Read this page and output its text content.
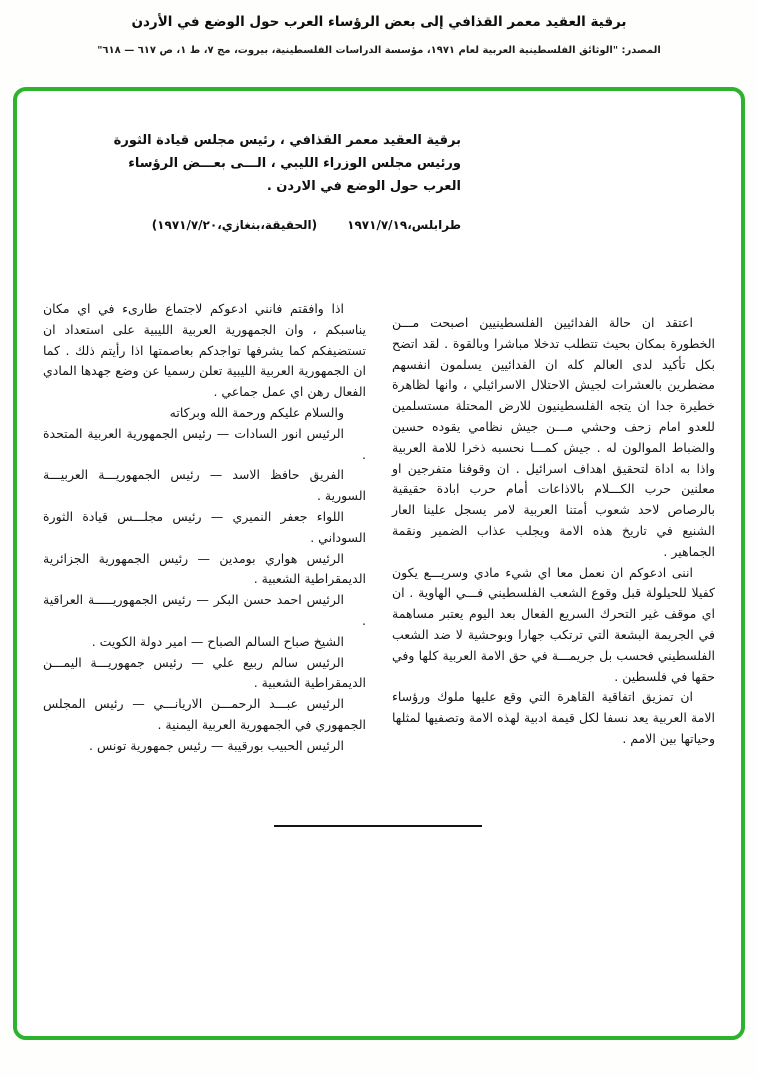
برقية العقيد معمر القذافي إلى بعض الرؤساء العرب حول الوضع في الأردن
المصدر: "الوثائق الفلسطينية العربية لعام ١٩٧١، مؤسسة الدراسات الفلسطينية، بيروت، مج ٧، ط ١، ص ٦١٧ — ٦١٨"
برقية العقيد معمر القذافي ، رئيس مجلس قيادة الثورة
ورئيس مجلس الوزراء الليبي ، الـــى بعـــض الرؤساء
العرب حول الوضع في الاردن .
طرابلس،١٩٧١/٧/١٩
(الحقيقة،بنغازي،١٩٧١/٧/٢٠)

اعتقد ان حالة الفدائيين الفلسطينيين اصبحت مـــن الخطورة بمكان بحيث تتطلب تدخلا مباشرا وبالقوة . لقد اتضح بكل تأكيد لدى العالم كله ان الفدائيين يسلمون انفسهم مضطرين بالعشرات لجيش الاحتلال الاسرائيلي ، وانها لظاهرة خطيرة جدا ان يتجه الفلسطينيون للارض المحتلة مستسلمين للعدو امام زحف وحشي مـــن جيش نظامي يقوده حسين والضباط الموالون له . جيش كمـــا نحسبه ذخرا للامة العربية واذا به اداة لتحقيق اهداف اسرائيل . ان وقوفنا متفرجين او معلنين حرب الكـــلام بالاذاعات أمام حرب ابادة حقيقية بالرصاص لاحد شعوب أمتنا العربية لامر يسجل علينا العار الشنيع في تاريخ هذه الامة ويجلب عذاب الضمير ونقمة الجماهير .

اننى ادعوكم ان نعمل معا اي شيء مادي وسريـــع يكون كفيلا للحيلولة قبل وقوع الشعب الفلسطيني فـــي الهاوية . ان اي موقف غير التحرك السريع الفعال بعد اليوم يعتبر مساهمة في الجريمة البشعة التي ترتكب جهارا وبوحشية لا ضد الشعب الفلسطيني فحسب بل جريمـــة في حق الامة العربية كلها وفي حقها في فلسطين .

ان تمزيق اتفاقية القاهرة التي وقع عليها ملوك ورؤساء الامة العربية يعد نسفا لكل قيمة ادبية لهذه الامة وتصفيها لمثلها وحياتها بين الامم .

اذا وافقتم فانني ادعوكم لاجتماع طارىء في اي مكان يناسبكم ، وان الجمهورية العربية الليبية على استعداد ان تستضيفكم كما يشرفها تواجدكم بعاصمتها اذا رأيتم ذلك . كما ان الجمهورية العربية الليبية تعلن رسميا عن وضع جهدها المادي الفعال رهن اي عمل جماعي .

والسلام عليكم ورحمة الله وبركاته

الرئيس انور السادات — رئيس الجمهورية العربية المتحدة .

الفريق حافظ الاسد — رئيس الجمهوريـــة العربيـــة السورية .

اللواء جعفر النميري — رئيس مجلـــس قيادة الثورة السوداني .

الرئيس هواري بومدين — رئيس الجمهورية الجزائرية الديمقراطية الشعبية .

الرئيس احمد حسن البكر — رئيس الجمهوريـــــة العراقية .

الشيخ صباح السالم الصباح — امير دولة الكويت .

الرئيس سالم ربيع علي — رئيس جمهوريـــة اليمـــن الديمقراطية الشعبية .

الرئيس عبـــد الرحمـــن الاريانـــي — رئيس المجلس الجمهوري في الجمهورية العربية اليمنية .

الرئيس الحبيب بورقيبة — رئيس جمهورية تونس .
